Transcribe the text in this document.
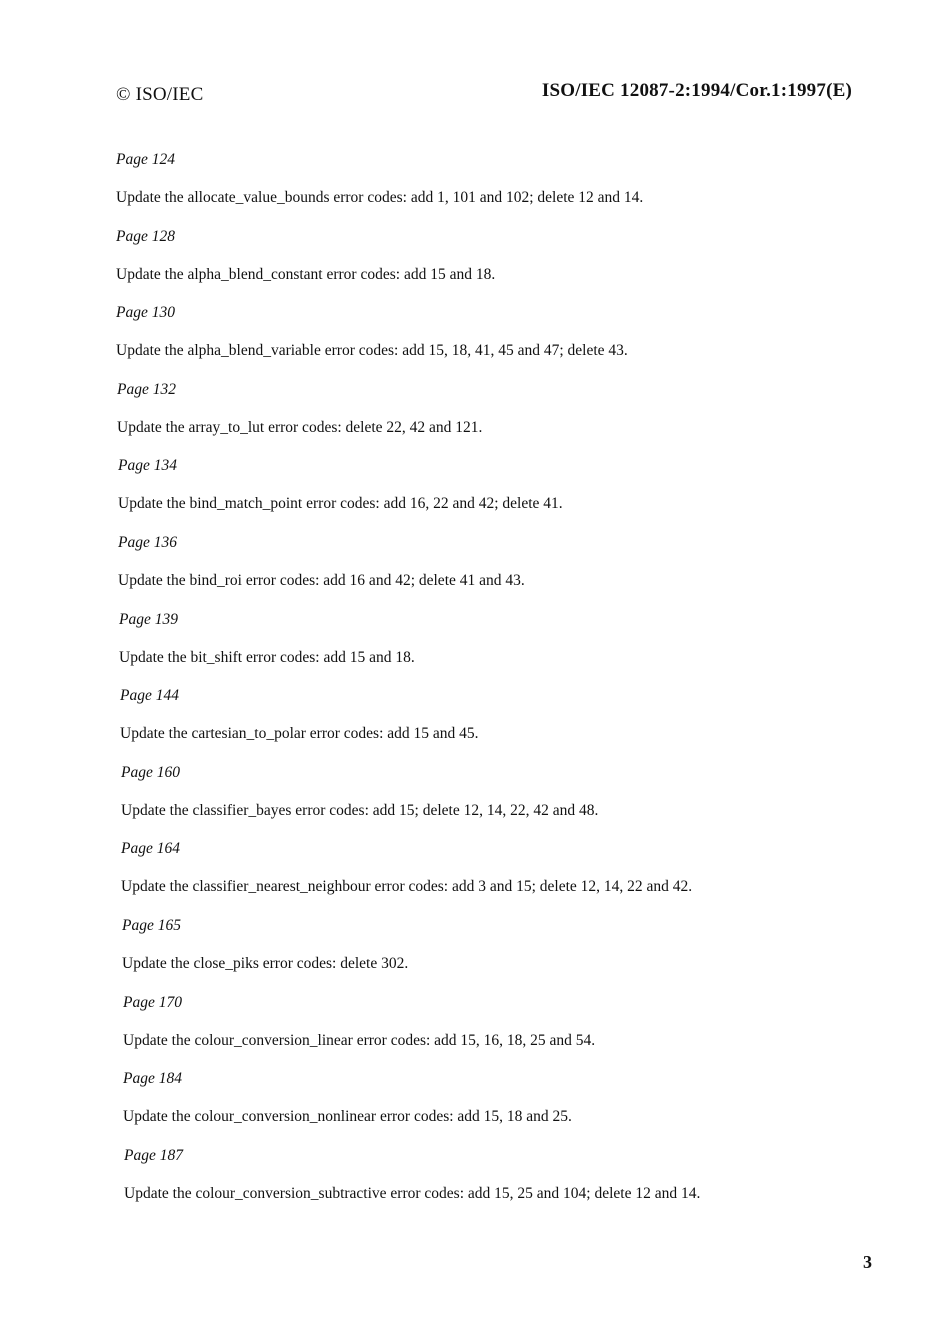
© ISO/IEC	ISO/IEC 12087-2:1994/Cor.1:1997(E)
Page 124
Update the allocate_value_bounds error codes: add 1, 101 and 102; delete 12 and 14.
Page 128
Update the alpha_blend_constant error codes: add 15 and 18.
Page 130
Update the alpha_blend_variable error codes: add 15, 18, 41, 45 and 47; delete 43.
Page 132
Update the array_to_lut error codes: delete 22, 42 and 121.
Page 134
Update the bind_match_point error codes: add 16, 22 and 42; delete 41.
Page 136
Update the bind_roi error codes: add 16 and 42; delete 41 and 43.
Page 139
Update the bit_shift error codes: add 15 and 18.
Page 144
Update the cartesian_to_polar error codes: add 15 and 45.
Page 160
Update the classifier_bayes error codes: add 15; delete 12, 14, 22, 42 and 48.
Page 164
Update the classifier_nearest_neighbour error codes: add 3 and 15; delete 12, 14, 22 and 42.
Page 165
Update the close_piks error codes: delete 302.
Page 170
Update the colour_conversion_linear error codes: add 15, 16, 18, 25 and 54.
Page 184
Update the colour_conversion_nonlinear error codes: add 15, 18 and 25.
Page 187
Update the colour_conversion_subtractive error codes: add 15, 25 and 104; delete 12 and 14.
3
